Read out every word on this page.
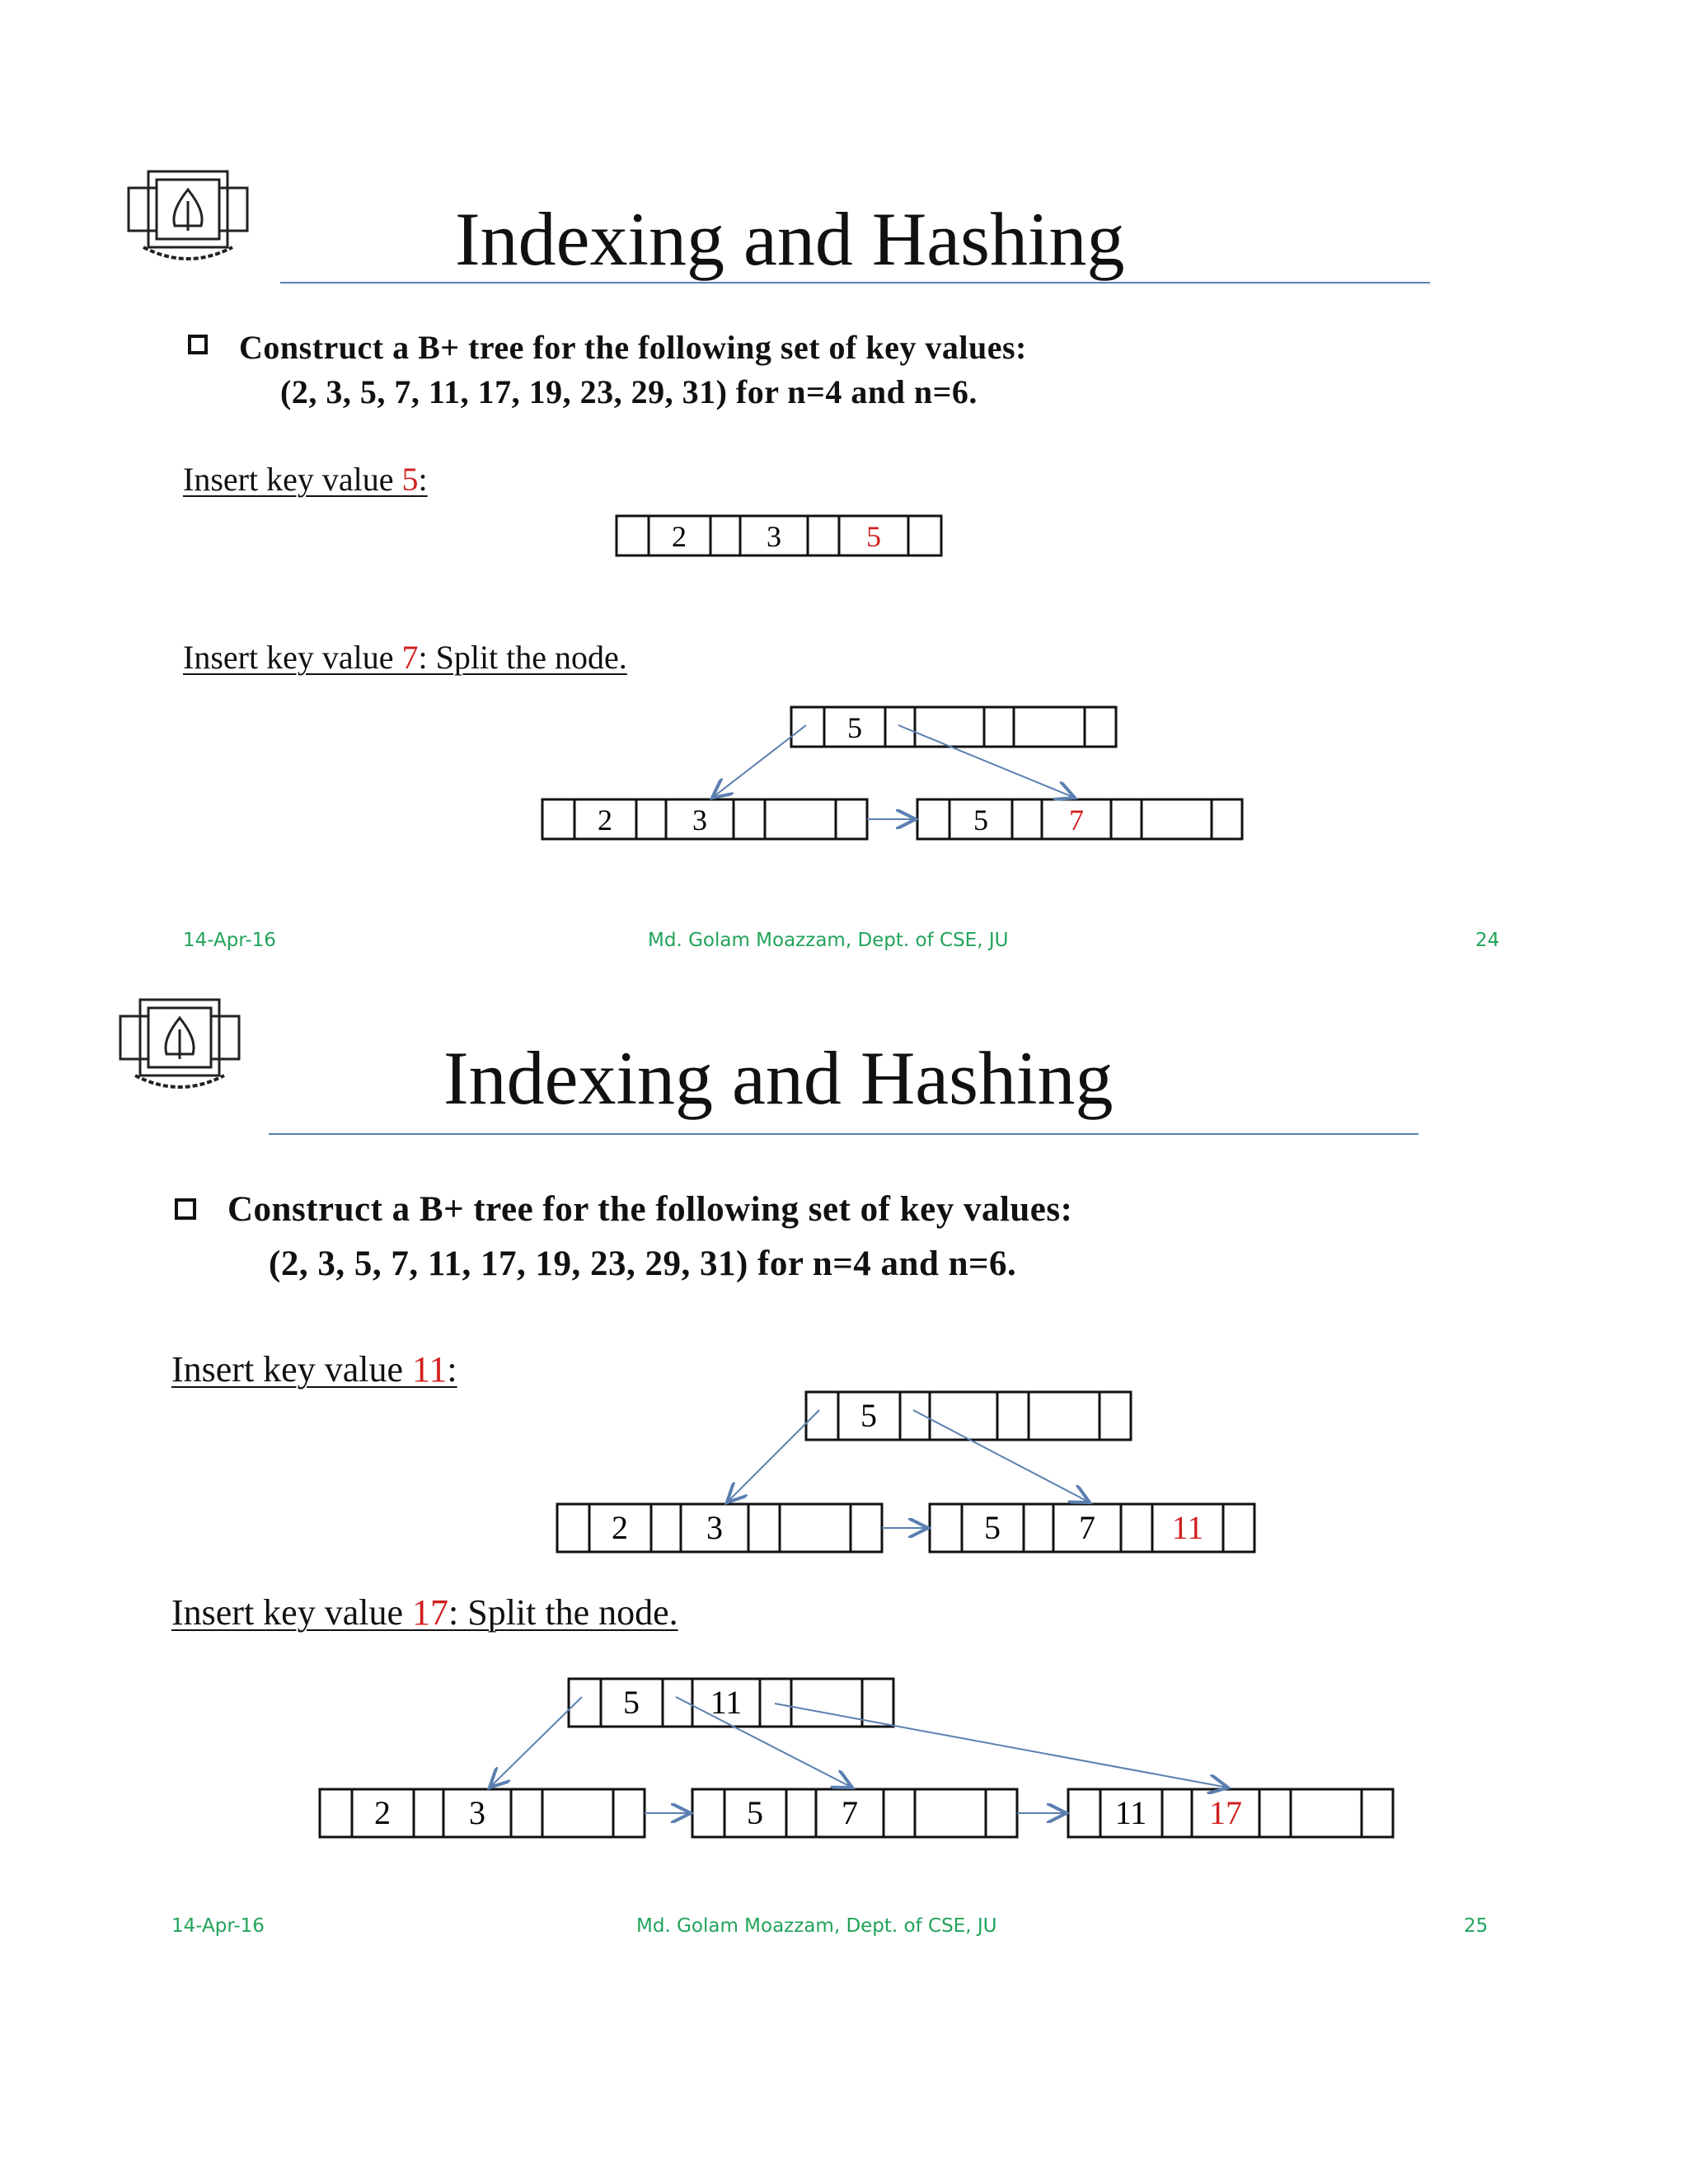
Indexing and Hashing
Construct a B+ tree for the following set of key values:
(2, 3, 5, 7, 11, 17, 19, 23, 29, 31) for n=4 and n=6.
Insert key value 5:
Insert key value 7: Split the node.
2	3	5
5
2	3	5	7
14-Apr-16	Md. Golam Moazzam, Dept. of CSE, JU	24
Indexing and Hashing
Construct a B+ tree for the following set of key values:
(2, 3, 5, 7, 11, 17, 19, 23, 29, 31) for n=4 and n=6.
Insert key value 11:
Insert key value 17: Split the node.
5
2 3	5 7 11
5 11
2 3	5 7	11 17
14-Apr-16	Md. Golam Moazzam, Dept. of CSE, JU	25
